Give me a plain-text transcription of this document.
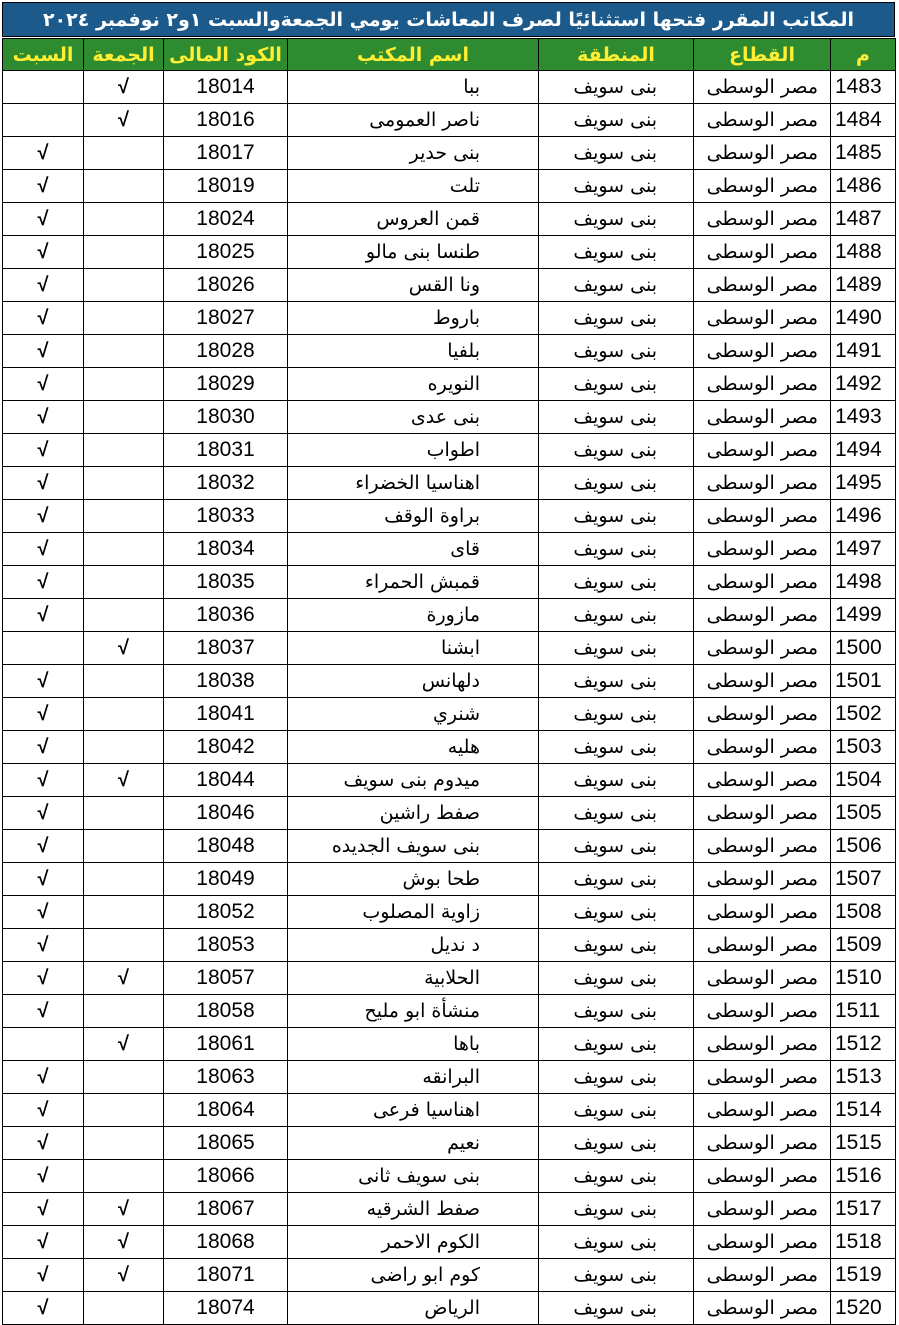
المكاتب المقرر فتحها استثنائيًا لصرف المعاشات يومي الجمعةوالسبت ١و٢ نوفمبر ٢٠٢٤
م	القطاع	المنطقة	اسم المكتب	الكود المالى	الجمعة	السبت
1483	مصر الوسطى	بنى سويف	ببا	18014	√	
1484	مصر الوسطى	بنى سويف	ناصر العمومى	18016	√	
1485	مصر الوسطى	بنى سويف	بنى حدير	18017		√
1486	مصر الوسطى	بنى سويف	تلت	18019		√
1487	مصر الوسطى	بنى سويف	قمن العروس	18024		√
1488	مصر الوسطى	بنى سويف	طنسا بنى مالو	18025		√
1489	مصر الوسطى	بنى سويف	ونا القس	18026		√
1490	مصر الوسطى	بنى سويف	باروط	18027		√
1491	مصر الوسطى	بنى سويف	بلفيا	18028		√
1492	مصر الوسطى	بنى سويف	النويره	18029		√
1493	مصر الوسطى	بنى سويف	بنى عدى	18030		√
1494	مصر الوسطى	بنى سويف	اطواب	18031		√
1495	مصر الوسطى	بنى سويف	اهناسيا الخضراء	18032		√
1496	مصر الوسطى	بنى سويف	براوة الوقف	18033		√
1497	مصر الوسطى	بنى سويف	قاى	18034		√
1498	مصر الوسطى	بنى سويف	قمبش الحمراء	18035		√
1499	مصر الوسطى	بنى سويف	مازورة	18036		√
1500	مصر الوسطى	بنى سويف	ابشنا	18037	√	
1501	مصر الوسطى	بنى سويف	دلهانس	18038		√
1502	مصر الوسطى	بنى سويف	شنري	18041		√
1503	مصر الوسطى	بنى سويف	هليه	18042		√
1504	مصر الوسطى	بنى سويف	ميدوم بنى سويف	18044	√	√
1505	مصر الوسطى	بنى سويف	صفط راشين	18046		√
1506	مصر الوسطى	بنى سويف	بنى سويف الجديده	18048		√
1507	مصر الوسطى	بنى سويف	طحا بوش	18049		√
1508	مصر الوسطى	بنى سويف	زاوية المصلوب	18052		√
1509	مصر الوسطى	بنى سويف	د نديل	18053		√
1510	مصر الوسطى	بنى سويف	الحلابية	18057	√	√
1511	مصر الوسطى	بنى سويف	منشأة ابو مليح	18058		√
1512	مصر الوسطى	بنى سويف	باها	18061	√	
1513	مصر الوسطى	بنى سويف	البرانقه	18063		√
1514	مصر الوسطى	بنى سويف	اهناسيا فرعى	18064		√
1515	مصر الوسطى	بنى سويف	نعيم	18065		√
1516	مصر الوسطى	بنى سويف	بنى سويف ثانى	18066		√
1517	مصر الوسطى	بنى سويف	صفط الشرقيه	18067	√	√
1518	مصر الوسطى	بنى سويف	الكوم الاحمر	18068	√	√
1519	مصر الوسطى	بنى سويف	كوم ابو راضى	18071	√	√
1520	مصر الوسطى	بنى سويف	الرياض	18074		√
